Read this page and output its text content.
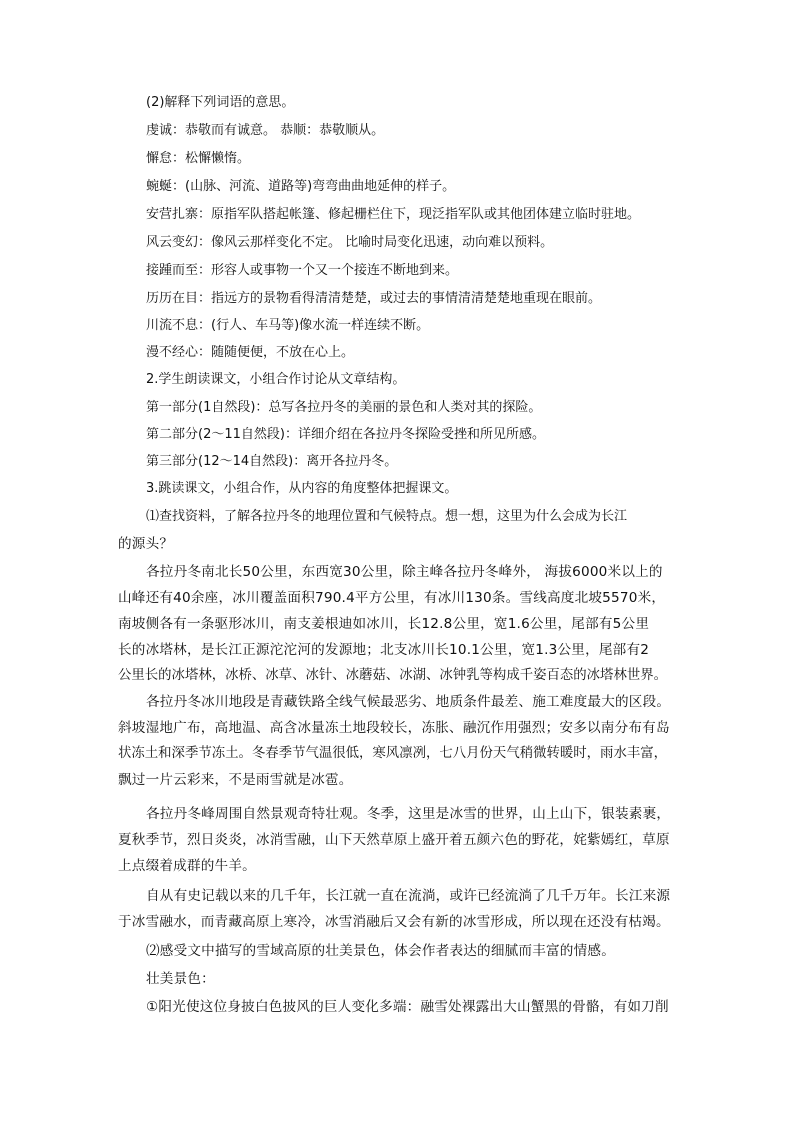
(2)解释下列词语的意思。
虔诚：恭敬而有诚意。 恭顺：恭敬顺从。
懈怠：松懈懒惰。
蜿蜒：(山脉、河流、道路等)弯弯曲曲地延伸的样子。
安营扎寨：原指军队搭起帐篷、修起栅栏住下，现泛指军队或其他团体建立临时驻地。
风云变幻：像风云那样变化不定。 比喻时局变化迅速，动向难以预料。
接踵而至：形容人或事物一个又一个接连不断地到来。
历历在目：指远方的景物看得清清楚楚，或过去的事情清清楚楚地重现在眼前。
川流不息：(行人、车马等)像水流一样连续不断。
漫不经心：随随便便，不放在心上。
2.学生朗读课文，小组合作讨论从文章结构。
第一部分(1自然段)：总写各拉丹冬的美丽的景色和人类对其的探险。
第二部分(2～11自然段)：详细介绍在各拉丹冬探险受挫和所见所感。
第三部分(12～14自然段)：离开各拉丹冬。
3.跳读课文，小组合作，从内容的角度整体把握课文。
⑴查找资料，了解各拉丹冬的地理位置和气候特点。想一想，这里为什么会成为长江
的源头？
各拉丹冬南北长50公里，东西宽30公里，除主峰各拉丹冬峰外， 海拔6000米以上的
山峰还有40余座，冰川覆盖面积790.4平方公里，有冰川130条。雪线高度北坡5570米，
南坡侧各有一条驱形冰川，南支姜根迪如冰川，长12.8公里，宽1.6公里，尾部有5公里
长的冰塔林，是长江正源沱沱河的发源地；北支冰川长10.1公里，宽1.3公里，尾部有2
公里长的冰塔林，冰桥、冰草、冰针、冰蘑菇、冰湖、冰钟乳等构成千姿百态的冰塔林世界。
各拉丹冬冰川地段是青藏铁路全线气候最恶劣、地质条件最差、施工难度最大的区段。
斜坡湿地广布，高地温、高含冰量冻土地段较长，冻胀、融沉作用强烈；安多以南分布有岛
状冻土和深季节冻土。冬春季节气温很低，寒风凛冽，七八月份天气稍微转暖时，雨水丰富，
飘过一片云彩来，不是雨雪就是冰雹。
各拉丹冬峰周围自然景观奇特壮观。冬季，这里是冰雪的世界，山上山下，银装素裹，
夏秋季节，烈日炎炎，冰消雪融，山下天然草原上盛开着五颜六色的野花，姹紫嫣红，草原
上点缀着成群的牛羊。
自从有史记载以来的几千年，长江就一直在流淌，或许已经流淌了几千万年。长江来源
于冰雪融水，而青藏高原上寒冷，冰雪消融后又会有新的冰雪形成，所以现在还没有枯竭。
⑵感受文中描写的雪域高原的壮美景色，体会作者表达的细腻而丰富的情感。
壮美景色：
①阳光使这位身披白色披风的巨人变化多端：融雪处裸露出大山蟹黑的骨骼，有如刀削
